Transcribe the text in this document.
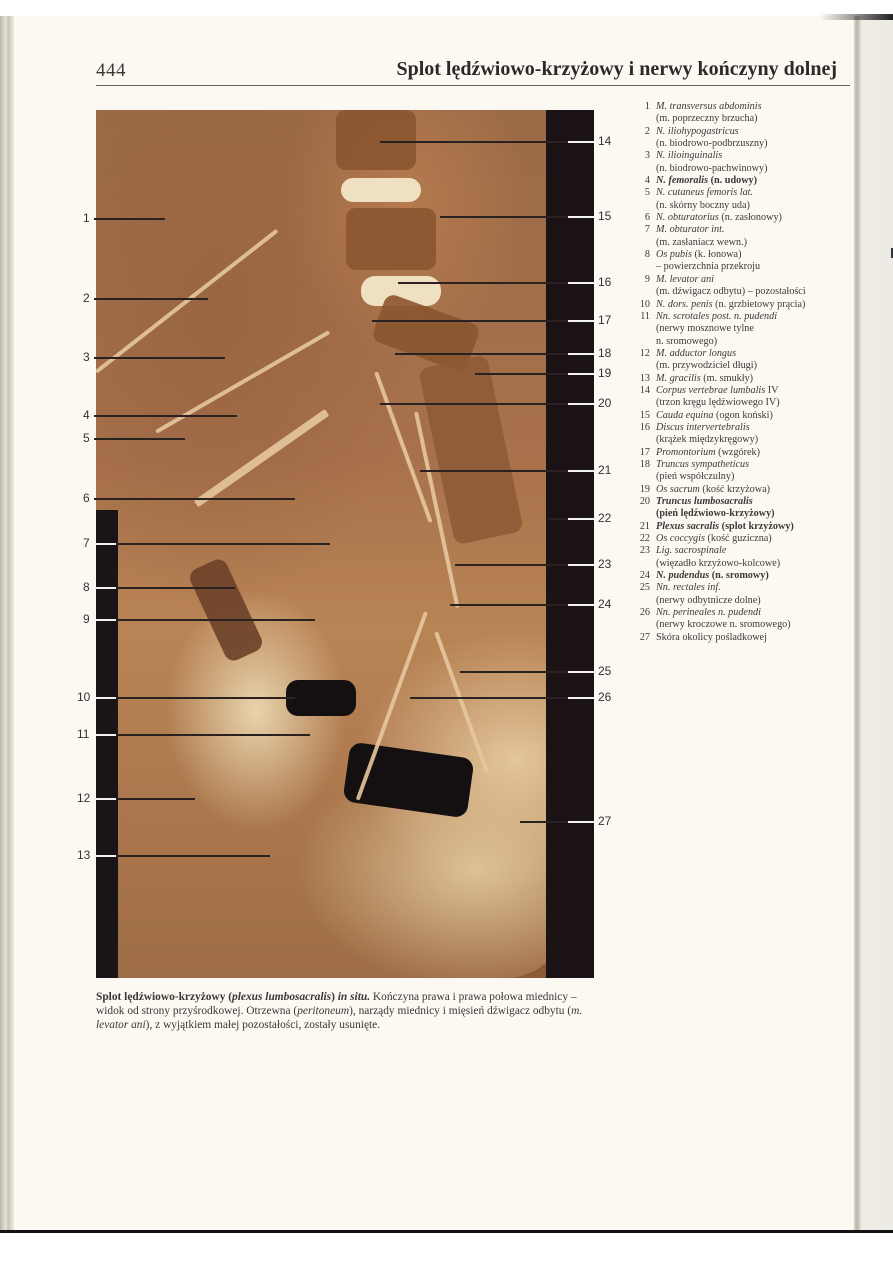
444	Splot lędźwiowo-krzyżowy i nerwy kończyny dolnej
1
2
3
4
5
6
7
8
9
10
11
12
13
14
15
16
17
18
19
20
21
22
23
24
25
26
27
1 M. transversus abdominis
(m. poprzeczny brzucha)
2 N. iliohypogastricus
(n. biodrowo-podbrzuszny)
3 N. ilioinguinalis
(n. biodrowo-pachwinowy)
4 N. femoralis (n. udowy)
5 N. cutaneus femoris lat.
(n. skórny boczny uda)
6 N. obturatorius (n. zasłonowy)
7 M. obturator int.
(m. zasłaniacz wewn.)
8 Os pubis (k. łonowa)
– powierzchnia przekroju
9 M. levator ani
(m. dźwigacz odbytu) – pozostałości
10 N. dors. penis (n. grzbietowy prącia)
11 Nn. scrotales post. n. pudendi
(nerwy mosznowe tylne
n. sromowego)
12 M. adductor longus
(m. przywodziciel długi)
13 M. gracilis (m. smukły)
14 Corpus vertebrae lumbalis IV
(trzon kręgu lędźwiowego IV)
15 Cauda equina (ogon koński)
16 Discus intervertebralis
(krążek międzykręgowy)
17 Promontorium (wzgórek)
18 Truncus sympatheticus
(pień współczulny)
19 Os sacrum (kość krzyżowa)
20 Truncus lumbosacralis
(pień lędźwiowo-krzyżowy)
21 Plexus sacralis (splot krzyżowy)
22 Os coccygis (kość guziczna)
23 Lig. sacrospinale
(więzadło krzyżowo-kolcowe)
24 N. pudendus (n. sromowy)
25 Nn. rectales inf.
(nerwy odbytnicze dolne)
26 Nn. perineales n. pudendi
(nerwy kroczowe n. sromowego)
27 Skóra okolicy pośladkowej
Splot lędźwiowo-krzyżowy (plexus lumbosacralis) in situ. Kończyna prawa i prawa połowa miednicy – widok od strony przyśrodkowej. Otrzewna (peritoneum), narządy miednicy i mięsień dźwigacz odbytu (m. levator ani), z wyjątkiem małej pozostałości, zostały usunięte.
